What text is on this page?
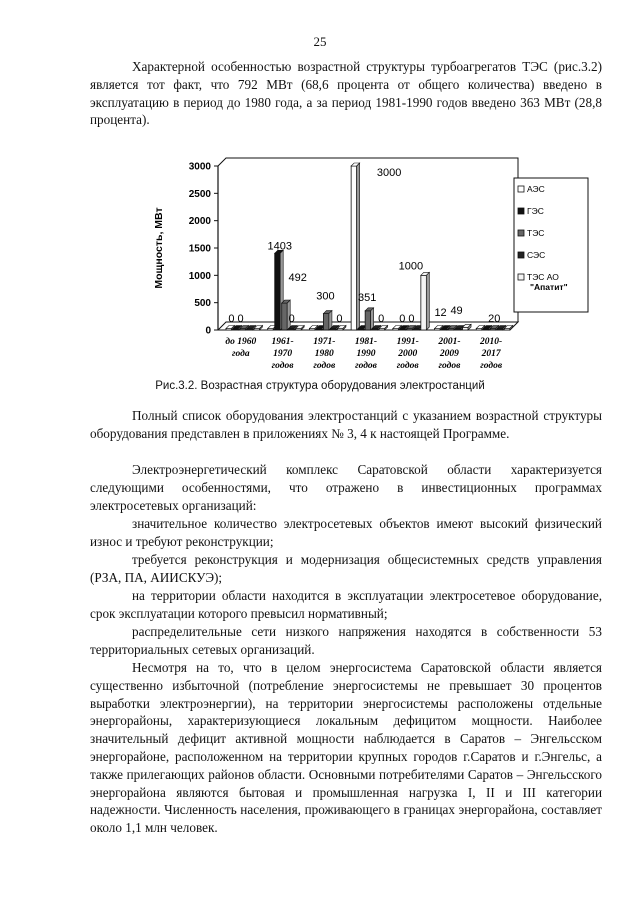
25

Характерной особенностью возрастной структуры турбоагрегатов ТЭС (рис.3.2) является тот факт, что 792 МВт (68,6 процента от общего количества) введено в эксплуатацию в период до 1980 года, а за период 1981-1990 годов введено 363 МВт (28,8 процента).

0
500
1000
1500
2000
2500
3000
Мощность, МВт
0 0
1403
492
0
300
0
3000
351
0
1000
0 0 12 49
20
до 1960
года
1961-
1970
годов
1971-
1980
годов
1981-
1990
годов
1991-
2000
годов
2001-
2009
годов
2010-
2017
годов
АЭС
ГЭС
ТЭС
СЭС
ТЭС АО
"Апатит"
Рис.3.2. Возрастная структура оборудования электростанций

Полный список оборудования электростанций с указанием возрастной структуры оборудования представлен в приложениях № 3, 4 к настоящей Программе.

Электроэнергетический комплекс Саратовской области характеризуется следующими особенностями, что отражено в инвестиционных программах электросетевых организаций:

значительное количество электросетевых объектов имеют высокий физический износ и требуют реконструкции;

требуется реконструкция и модернизация общесистемных средств управления (РЗА, ПА, АИИСКУЭ);

на территории области находится в эксплуатации электросетевое оборудование, срок эксплуатации которого превысил нормативный;

распределительные сети низкого напряжения находятся в собственности 53 территориальных сетевых организаций.

Несмотря на то, что в целом энергосистема Саратовской области является существенно избыточной (потребление энергосистемы не превышает 30 процентов выработки электроэнергии), на территории энергосистемы расположены отдельные энергорайоны, характеризующиеся локальным дефицитом мощности. Наиболее значительный дефицит активной мощности наблюдается в Саратов – Энгельсском энергорайоне, расположенном на территории крупных городов г.Саратов и г.Энгельс, а также прилегающих районов области. Основными потребителями Саратов – Энгельсского энергорайона являются бытовая и промышленная нагрузка I, II и III категории надежности. Численность населения, проживающего в границах энергорайона, составляет около 1,1 млн человек.
